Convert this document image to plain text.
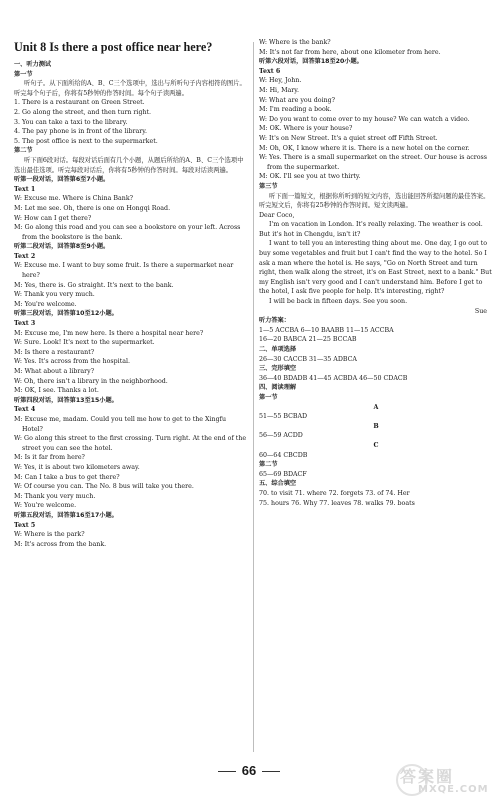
Unit 8 Is there a post office near here?
一、听力测试
第一节
听句子。从下面所给的A、B、C三个选项中，选出与所听句子内容相符的图片。听完每个句子后，你将有5秒钟的作答时间。每个句子读两遍。
1. There is a restaurant on Green Street.
2. Go along the street, and then turn right.
3. You can take a taxi to the library.
4. The pay phone is in front of the library.
5. The post office is next to the supermarket.
第二节
听下面6段对话。每段对话后面有几个小题，从题后所给的A、B、C三个选项中选出最佳选项。听完每段对话后，你将有5秒钟的作答时间。每段对话读两遍。
听第一段对话，回答第6至7小题。
Text 1
W: Excuse me. Where is China Bank?
M: Let me see. Oh, there is one on Hongqi Road.
W: How can I get there?
M: Go along this road and you can see a bookstore on your left. Across from the bookstore is the bank.
听第二段对话，回答第8至9小题。
Text 2
W: Excuse me. I want to buy some fruit. Is there a supermarket near here?
M: Yes, there is. Go straight. It's next to the bank.
W: Thank you very much.
M: You're welcome.
听第三段对话，回答第10至12小题。
Text 3
M: Excuse me, I'm new here. Is there a hospital near here?
W: Sure. Look! It's next to the supermarket.
M: Is there a restaurant?
W: Yes. It's across from the hospital.
M: What about a library?
W: Oh, there isn't a library in the neighborhood.
M: OK, I see. Thanks a lot.
听第四段对话，回答第13至15小题。
Text 4
M: Excuse me, madam. Could you tell me how to get to the Xingfu Hotel?
W: Go along this street to the first crossing. Turn right. At the end of the street you can see the hotel.
M: Is it far from here?
W: Yes, it is about two kilometers away.
M: Can I take a bus to get there?
W: Of course you can. The No. 8 bus will take you there.
M: Thank you very much.
W: You're welcome.
听第五段对话，回答第16至17小题。
Text 5
W: Where is the park?
M: It's across from the bank.
W: Where is the bank?
M: It's not far from here, about one kilometer from here.
听第六段对话，回答第18至20小题。
Text 6
W: Hey, John.
M: Hi, Mary.
W: What are you doing?
M: I'm reading a book.
W: Do you want to come over to my house? We can watch a video.
M: OK. Where is your house?
W: It's on New Street. It's a quiet street off Fifth Street.
M: Oh, OK, I know where it is. There is a new hotel on the corner.
W: Yes. There is a small supermarket on the street. Our house is across from the supermarket.
M: OK. I'll see you at two thirty.
第三节
听下面一篇短文，根据你所听到的短文内容，选出能回答所提问题的最佳答案。听完短文后，你将有25秒钟的作答时间。短文读两遍。
Dear Coco,
I'm on vacation in London. It's really relaxing. The weather is cool. But it's hot in Chengdu, isn't it?
I want to tell you an interesting thing about me. One day, I go out to buy some vegetables and fruit but I can't find the way to the hotel. So I ask a man where the hotel is. He says, "Go on North Street and turn right, then walk along the street, it's on East Street, next to a bank." But my English isn't very good and I can't understand him. Before I get to the hotel, I ask five people for help. It's interesting, right?
I will be back in fifteen days. See you soon.
Sue
听力答案：
1—5 ACCBA 6—10 BAABB 11—15 ACCBA
16—20 BABCA 21—25 BCCAB
二、单项选择
26—30 CACCB 31—35 ADBCA
三、完形填空
36—40 BDADB 41—45 ACBDA 46—50 CDACB
四、阅读理解
第一节
A
51—55 BCBAD
B
56—59 ACDD
C
60—64 CBCDB
第二节
65—69 BDACF
五、综合填空
70. to visit 71. where 72. forgets 73. of 74. Her
75. hours 76. Why 77. leaves 78. walks 79. boats
66	答案圈
MXQE.COM
